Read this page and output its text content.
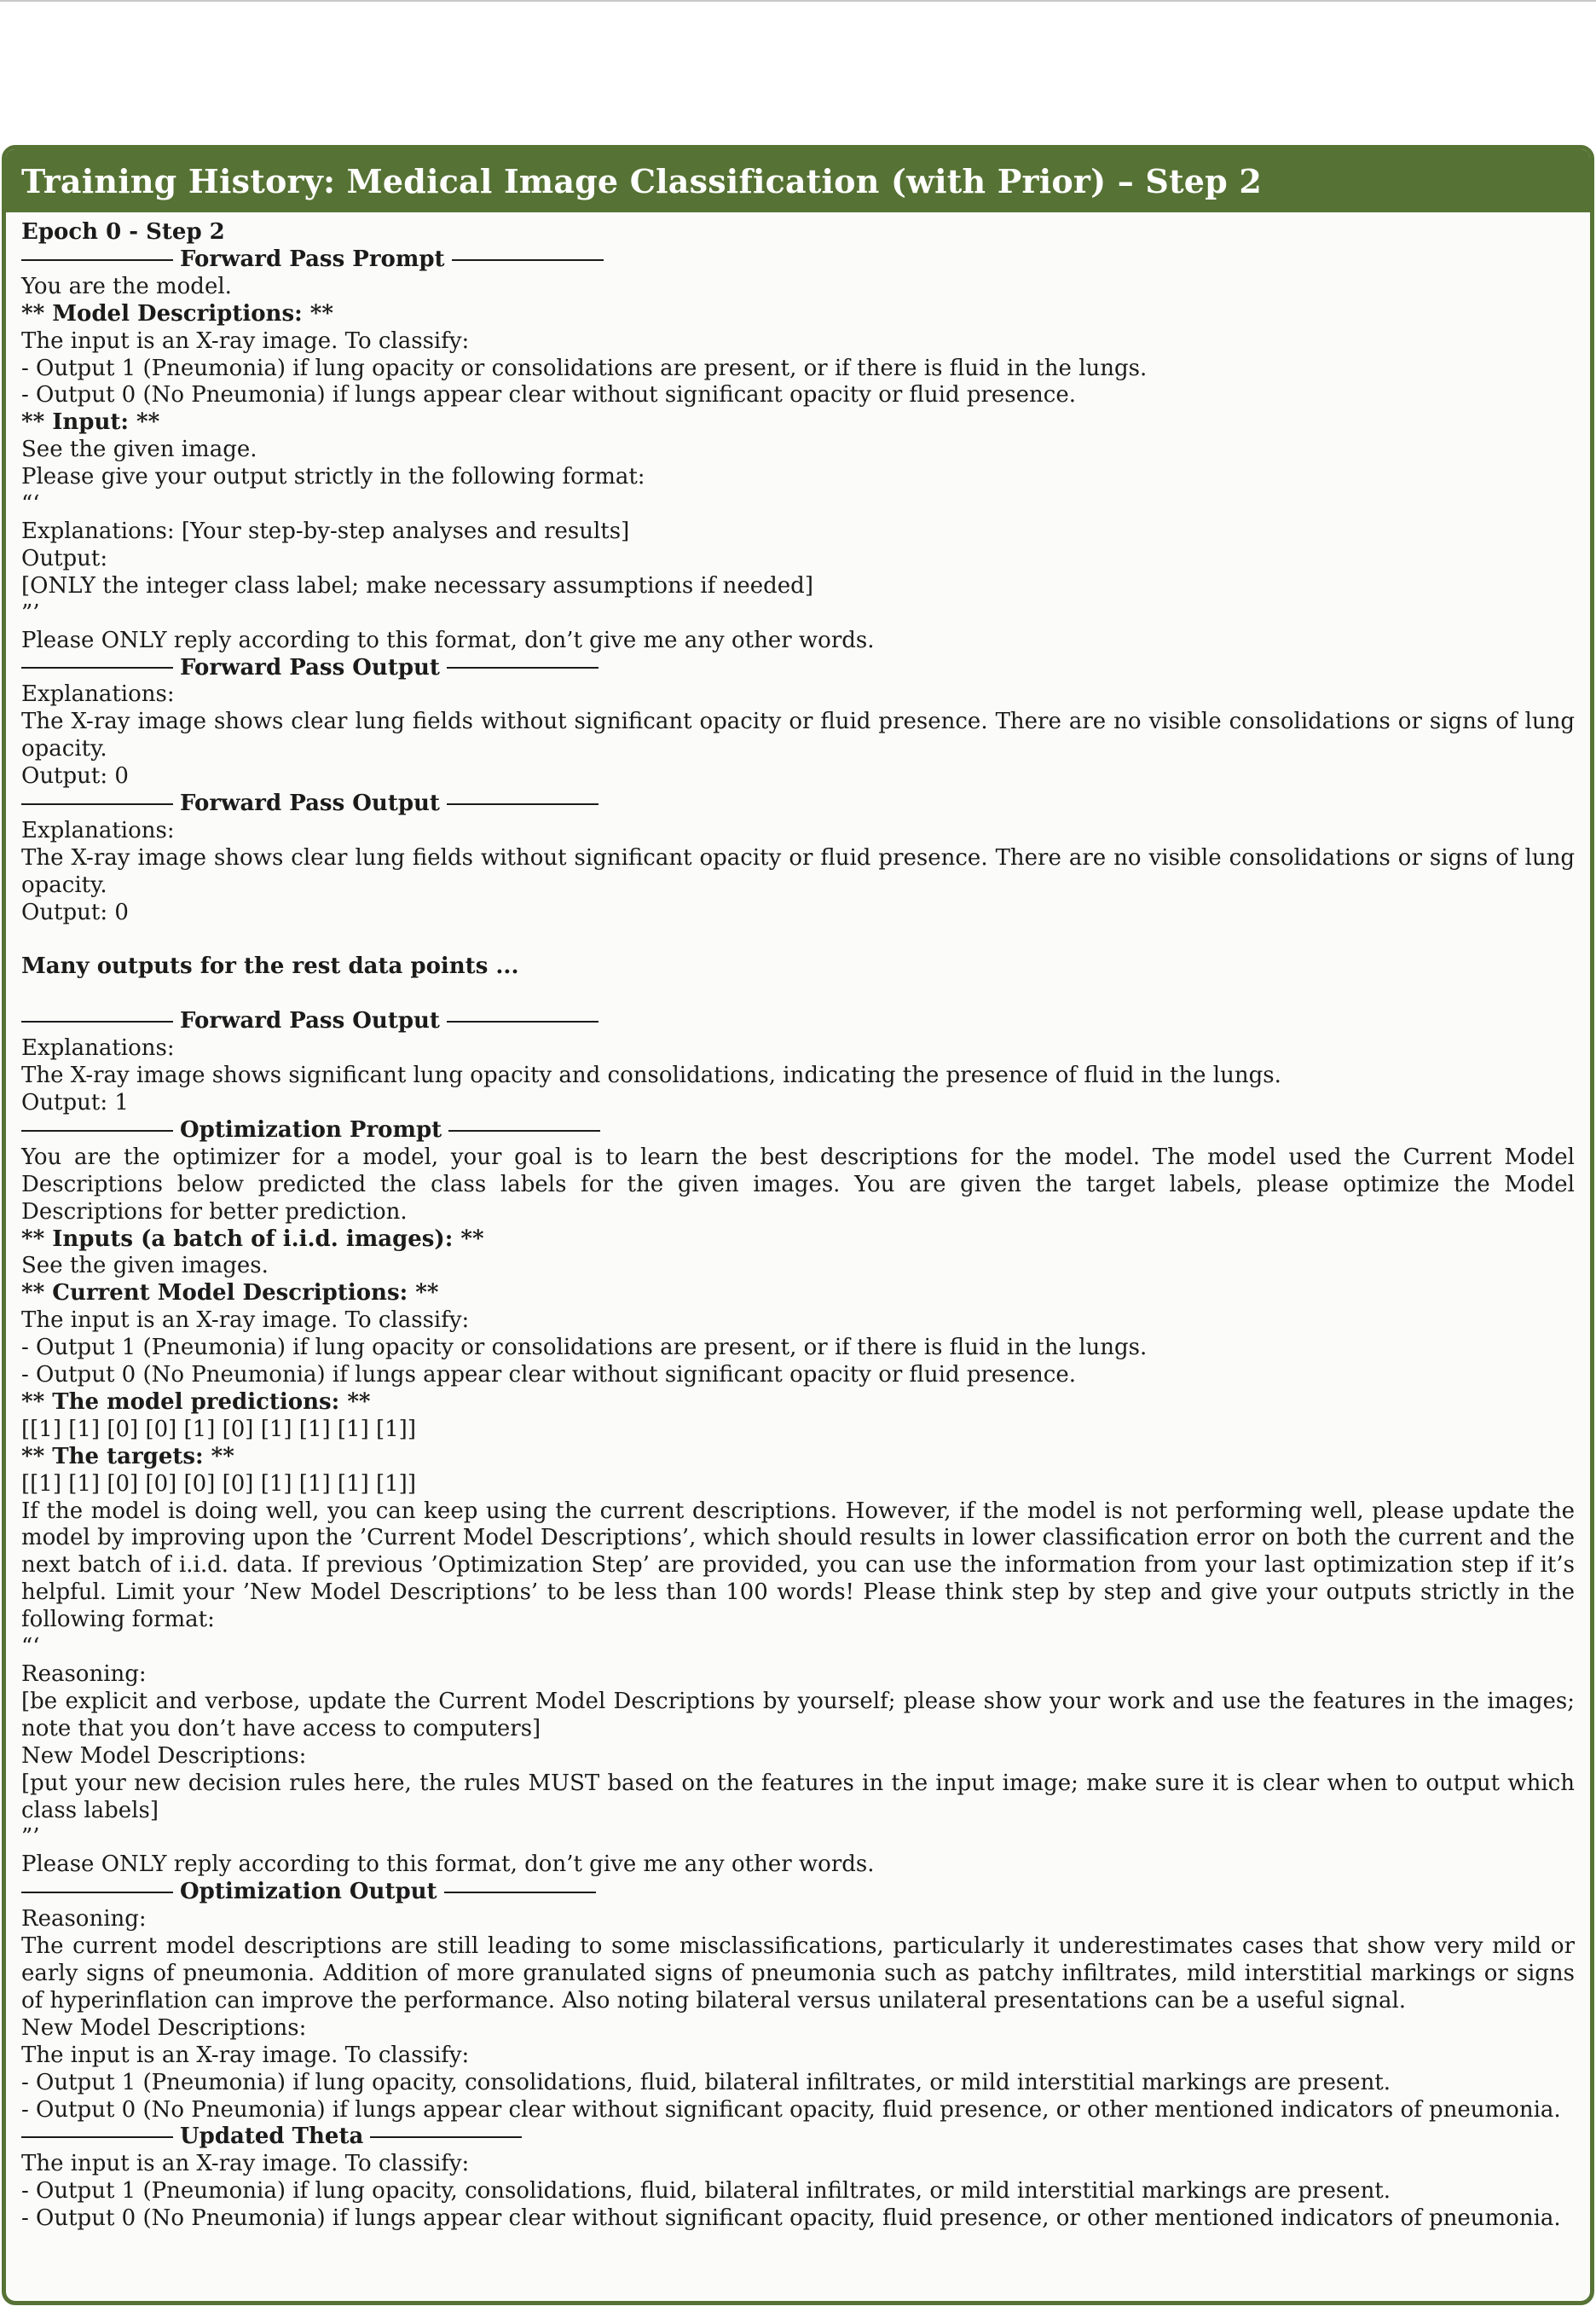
Training History: Medical Image Classification (with Prior) – Step 2
Epoch 0 - Step 2
Forward Pass Prompt
You are the model.
** Model Descriptions: **
The input is an X-ray image. To classify:
- Output 1 (Pneumonia) if lung opacity or consolidations are present, or if there is fluid in the lungs.
- Output 0 (No Pneumonia) if lungs appear clear without significant opacity or fluid presence.
** Input: **
See the given image.
Please give your output strictly in the following format:
“‘
Explanations: [Your step-by-step analyses and results]
Output:
[ONLY the integer class label; make necessary assumptions if needed]
”’
Please ONLY reply according to this format, don’t give me any other words.
Forward Pass Output
Explanations:
The X-ray image shows clear lung fields without significant opacity or fluid presence. There are no visible consolidations or signs of lung opacity.
Output: 0
Forward Pass Output
Explanations:
The X-ray image shows clear lung fields without significant opacity or fluid presence. There are no visible consolidations or signs of lung opacity.
Output: 0
Many outputs for the rest data points ...
Forward Pass Output
Explanations:
The X-ray image shows significant lung opacity and consolidations, indicating the presence of fluid in the lungs.
Output: 1
Optimization Prompt
You are the optimizer for a model, your goal is to learn the best descriptions for the model. The model used the Current Model Descriptions below predicted the class labels for the given images. You are given the target labels, please optimize the Model Descriptions for better prediction.
** Inputs (a batch of i.i.d. images): **
See the given images.
** Current Model Descriptions: **
The input is an X-ray image. To classify:
- Output 1 (Pneumonia) if lung opacity or consolidations are present, or if there is fluid in the lungs.
- Output 0 (No Pneumonia) if lungs appear clear without significant opacity or fluid presence.
** The model predictions: **
[[1] [1] [0] [0] [1] [0] [1] [1] [1] [1]]
** The targets: **
[[1] [1] [0] [0] [0] [0] [1] [1] [1] [1]]
If the model is doing well, you can keep using the current descriptions. However, if the model is not performing well, please update the model by improving upon the ’Current Model Descriptions’, which should results in lower classification error on both the current and the next batch of i.i.d. data. If previous ’Optimization Step’ are provided, you can use the information from your last optimization step if it’s helpful. Limit your ’New Model Descriptions’ to be less than 100 words! Please think step by step and give your outputs strictly in the following format:
“‘
Reasoning:
[be explicit and verbose, update the Current Model Descriptions by yourself; please show your work and use the features in the images; note that you don’t have access to computers]
New Model Descriptions:
[put your new decision rules here, the rules MUST based on the features in the input image; make sure it is clear when to output which class labels]
”’
Please ONLY reply according to this format, don’t give me any other words.
Optimization Output
Reasoning:
The current model descriptions are still leading to some misclassifications, particularly it underestimates cases that show very mild or early signs of pneumonia. Addition of more granulated signs of pneumonia such as patchy infiltrates, mild interstitial markings or signs of hyperinflation can improve the performance. Also noting bilateral versus unilateral presentations can be a useful signal.
New Model Descriptions:
The input is an X-ray image. To classify:
- Output 1 (Pneumonia) if lung opacity, consolidations, fluid, bilateral infiltrates, or mild interstitial markings are present.
- Output 0 (No Pneumonia) if lungs appear clear without significant opacity, fluid presence, or other mentioned indicators of pneumonia.
Updated Theta
The input is an X-ray image. To classify:
- Output 1 (Pneumonia) if lung opacity, consolidations, fluid, bilateral infiltrates, or mild interstitial markings are present.
- Output 0 (No Pneumonia) if lungs appear clear without significant opacity, fluid presence, or other mentioned indicators of pneumonia.
